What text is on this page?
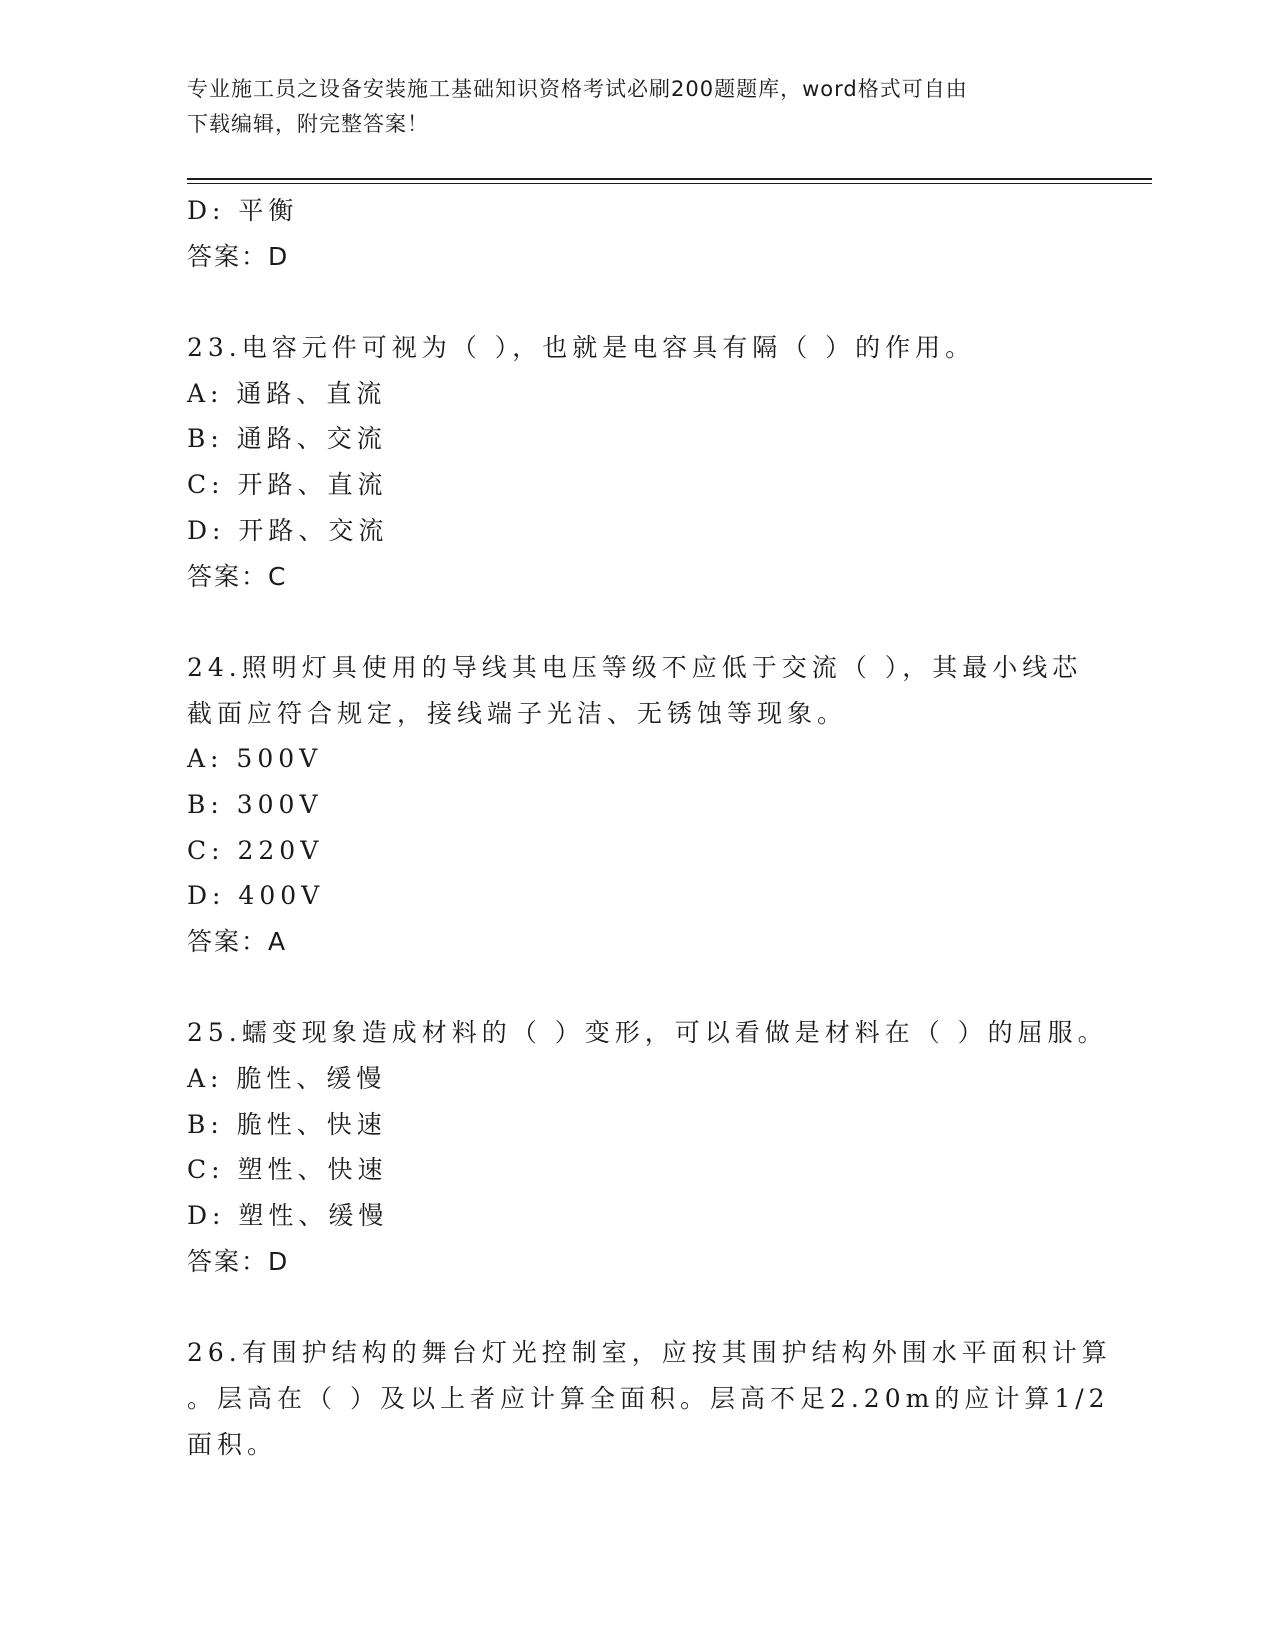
专业施工员之设备安装施工基础知识资格考试必刷200题题库，word格式可自由
下载编辑，附完整答案！
D: 平衡
答案：D
23.电容元件可视为（ ），也就是电容具有隔（ ）的作用。
A: 通路、直流
B: 通路、交流
C: 开路、直流
D: 开路、交流
答案：C
24.照明灯具使用的导线其电压等级不应低于交流（ ），其最小线芯
截面应符合规定，接线端子光洁、无锈蚀等现象。
A: 500V
B: 300V
C: 220V
D: 400V
答案：A
25.蠕变现象造成材料的（ ）变形，可以看做是材料在（ ）的屈服。
A: 脆性、缓慢
B: 脆性、快速
C: 塑性、快速
D: 塑性、缓慢
答案：D
26.有围护结构的舞台灯光控制室，应按其围护结构外围水平面积计算
。层高在（ ）及以上者应计算全面积。层高不足2.20m的应计算1/2
面积。
